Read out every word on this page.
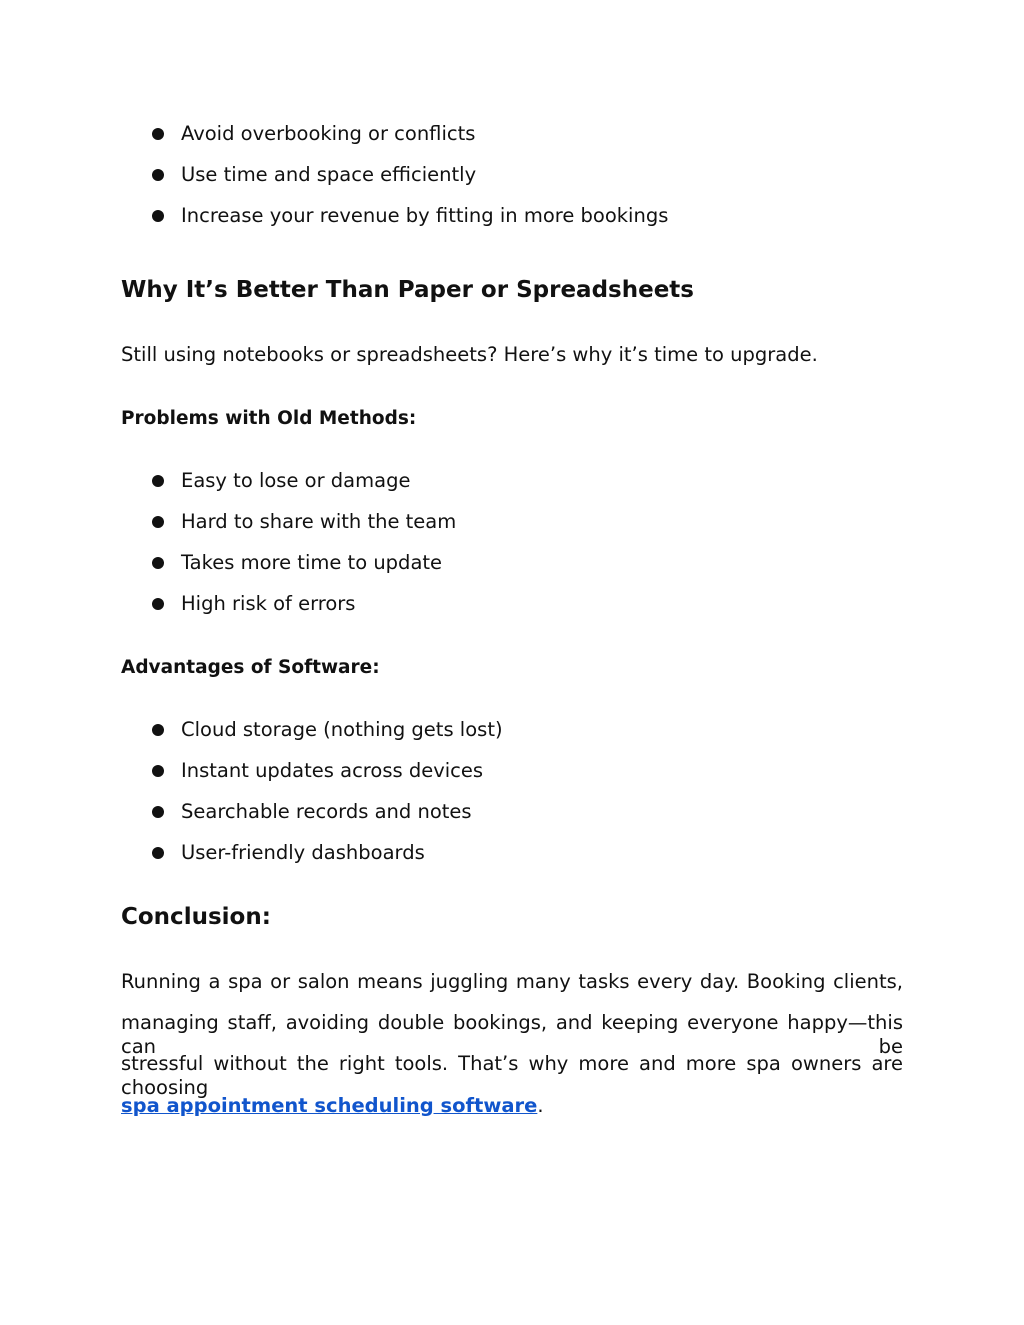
Avoid overbooking or conflicts
Use time and space efficiently
Increase your revenue by fitting in more bookings
Why It’s Better Than Paper or Spreadsheets
Still using notebooks or spreadsheets? Here’s why it’s time to upgrade.
Problems with Old Methods:
Easy to lose or damage
Hard to share with the team
Takes more time to update
High risk of errors
Advantages of Software:
Cloud storage (nothing gets lost)
Instant updates across devices
Searchable records and notes
User-friendly dashboards
Conclusion:
Running a spa or salon means juggling many tasks every day. Booking clients,
managing staff, avoiding double bookings, and keeping everyone happy—this can be
stressful without the right tools. That’s why more and more spa owners are choosing
spa appointment scheduling software.
